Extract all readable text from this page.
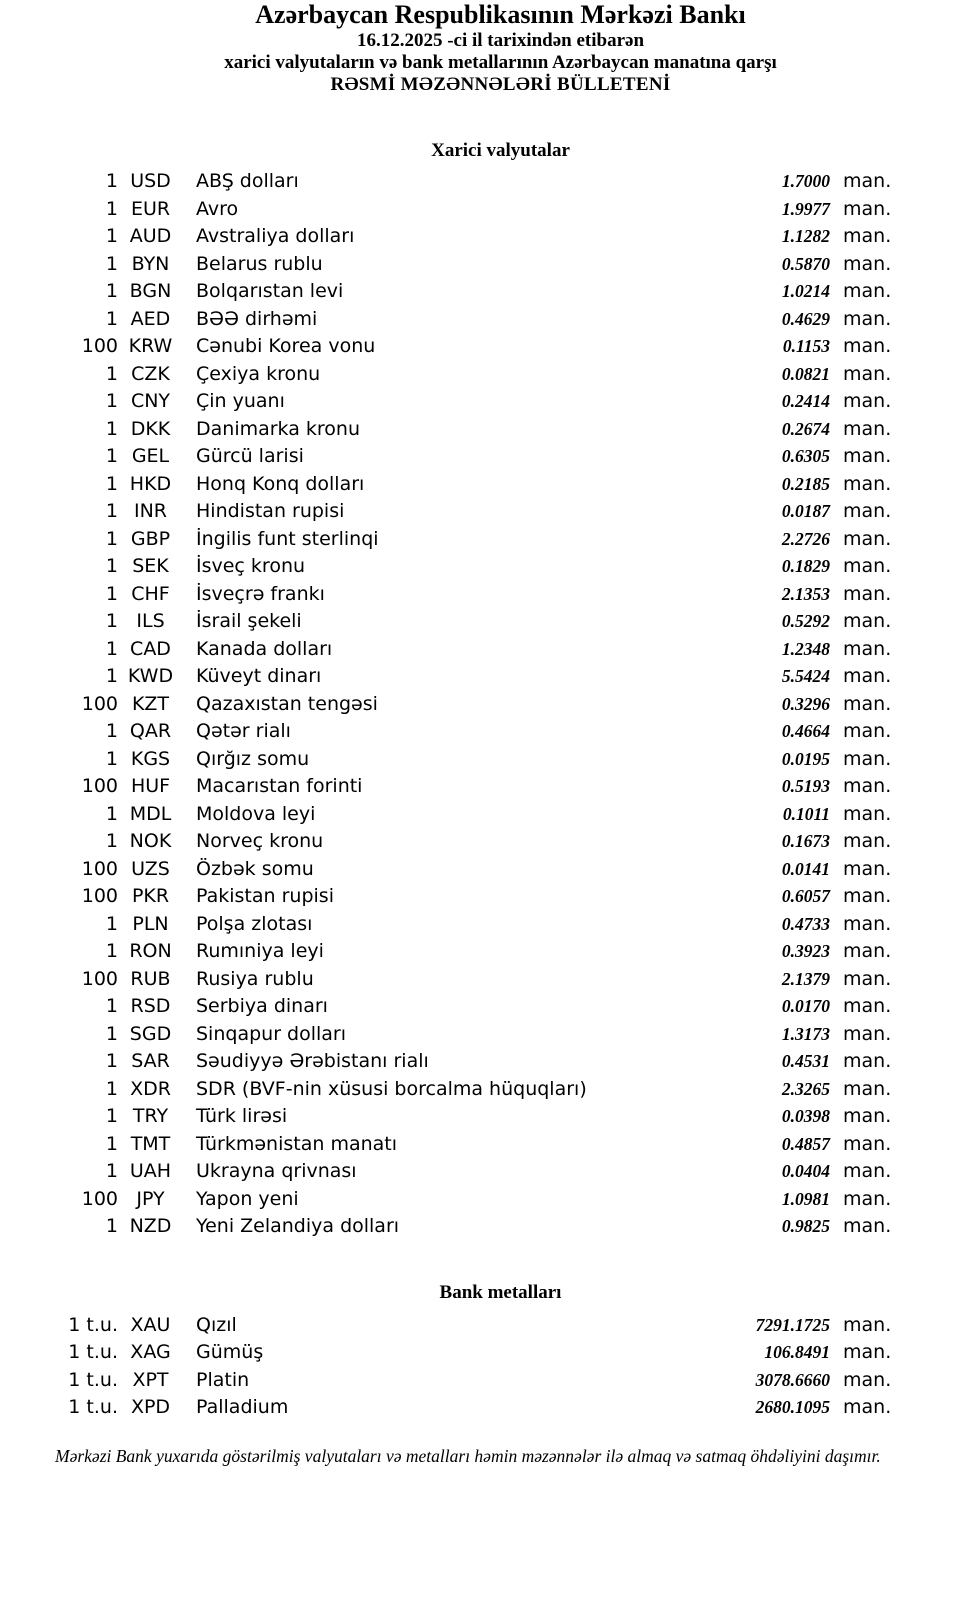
Azərbaycan Respublikasının Mərkəzi Bankı

16.12.2025 -ci il tarixindən etibarən

xarici valyutaların və bank metallarının Azərbaycan manatına qarşı

RƏSMİ MƏZƏNNƏLƏRİ BÜLLETENİ

Xarici valyutalar
1 USD	ABŞ dolları	1.7000 man.
1 EUR	Avro	1.9977 man.
1 AUD	Avstraliya dolları	1.1282 man.
1 BYN	Belarus rublu	0.5870 man.
1 BGN	Bolqarıstan levi	1.0214 man.
1 AED	BƏƏ dirhəmi	0.4629 man.
100 KRW	Cənubi Korea vonu	0.1153 man.
1 CZK	Çexiya kronu	0.0821 man.
1 CNY	Çin yuanı	0.2414 man.
1 DKK	Danimarka kronu	0.2674 man.
1 GEL	Gürcü larisi	0.6305 man.
1 HKD	Honq Konq dolları	0.2185 man.
1 INR	Hindistan rupisi	0.0187 man.
1 GBP	İngilis funt sterlinqi	2.2726 man.
1 SEK	İsveç kronu	0.1829 man.
1 CHF	İsveçrə frankı	2.1353 man.
1 ILS	İsrail şekeli	0.5292 man.
1 CAD	Kanada dolları	1.2348 man.
1 KWD	Küveyt dinarı	5.5424 man.
100 KZT	Qazaxıstan tengəsi	0.3296 man.
1 QAR	Qətər rialı	0.4664 man.
1 KGS	Qırğız somu	0.0195 man.
100 HUF	Macarıstan forinti	0.5193 man.
1 MDL	Moldova leyi	0.1011 man.
1 NOK	Norveç kronu	0.1673 man.
100 UZS	Özbək somu	0.0141 man.
100 PKR	Pakistan rupisi	0.6057 man.
1 PLN	Polşa zlotası	0.4733 man.
1 RON	Rumıniya leyi	0.3923 man.
100 RUB	Rusiya rublu	2.1379 man.
1 RSD	Serbiya dinarı	0.0170 man.
1 SGD	Sinqapur dolları	1.3173 man.
1 SAR	Səudiyyə Ərəbistanı rialı	0.4531 man.
1 XDR	SDR (BVF-nin xüsusi borcalma hüquqları)	2.3265 man.
1 TRY	Türk lirəsi	0.0398 man.
1 TMT	Türkmənistan manatı	0.4857 man.
1 UAH	Ukrayna qrivnası	0.0404 man.
100 JPY	Yapon yeni	1.0981 man.
1 NZD	Yeni Zelandiya dolları	0.9825 man.
Bank metalları
1 t.u. XAU	Qızıl	7291.1725 man.
1 t.u. XAG	Gümüş	106.8491 man.
1 t.u. XPT	Platin	3078.6660 man.
1 t.u. XPD	Palladium	2680.1095 man.

Mərkəzi Bank yuxarıda göstərilmiş valyutaları və metalları həmin məzənnələr ilə almaq və satmaq öhdəliyini daşımır.
